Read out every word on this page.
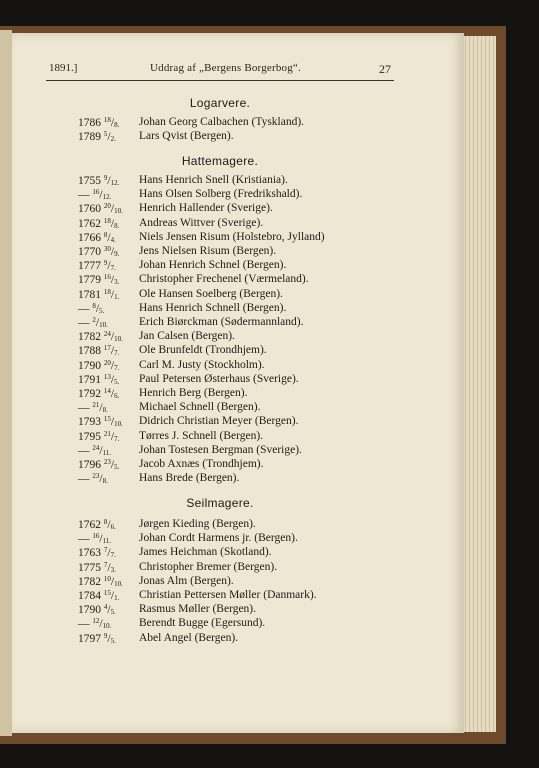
1891.]	Uddrag af „Bergens Borgerbog“.	27
Logarvere.
1786 $^{18}/_{8.}$	Johan Georg Calbachen (Tyskland).
1789 $^5/_{2.}$	Lars Qvist (Bergen).
Hattemagere.
1755 $^9/_{12.}$	Hans Henrich Snell (Kristiania).
— $^{16}/_{12.}$	Hans Olsen Solberg (Fredrikshald).
1760 $^{20}/_{10.}$	Henrich Hallender (Sverige).
1762 $^{18}/_{8.}$	Andreas Wittver (Sverige).
1766 $^8/_{4.}$	Niels Jensen Risum (Holstebro, Jylland)
1770 $^{30}/_{9.}$	Jens Nielsen Risum (Bergen).
1777 $^9/_{7.}$	Johan Henrich Schnel (Bergen).
1779 $^{16}/_{3.}$	Christopher Frechenel (Værmeland).
1781 $^{18}/_{1.}$	Ole Hansen Soelberg (Bergen).
— $^8/_{5.}$	Hans Henrich Schnell (Bergen).
— $^2/_{10.}$	Erich Biørckman (Sødermannland).
1782 $^{24}/_{10.}$	Jan Calsen (Bergen).
1788 $^{17}/_{7.}$	Ole Brunfeldt (Trondhjem).
1790 $^{20}/_{7.}$	Carl M. Justy (Stockholm).
1791 $^{13}/_{5.}$	Paul Petersen Østerhaus (Sverige).
1792 $^{14}/_{6.}$	Henrich Berg (Bergen).
— $^{21}/_{8.}$	Michael Schnell (Bergen).
1793 $^{15}/_{10.}$	Didrich Christian Meyer (Bergen).
1795 $^{21}/_{7.}$	Tørres J. Schnell (Bergen).
— $^{24}/_{11.}$	Johan Tostesen Bergman (Sverige).
1796 $^{23}/_{5.}$	Jacob Axnæs (Trondhjem).
— $^{23}/_{8.}$	Hans Brede (Bergen).
Seilmagere.
1762 $^8/_{6.}$	Jørgen Kieding (Bergen).
— $^{16}/_{11.}$	Johan Cordt Harmens jr. (Bergen).
1763 $^7/_{7.}$	James Heichman (Skotland).
1775 $^7/_{3.}$	Christopher Bremer (Bergen).
1782 $^{10}/_{10.}$	Jonas Alm (Bergen).
1784 $^{15}/_{1.}$	Christian Pettersen Møller (Danmark).
1790 $^4/_{5.}$	Rasmus Møller (Bergen).
— $^{12}/_{10.}$	Berendt Bugge (Egersund).
1797 $^9/_{5.}$	Abel Angel (Bergen).
